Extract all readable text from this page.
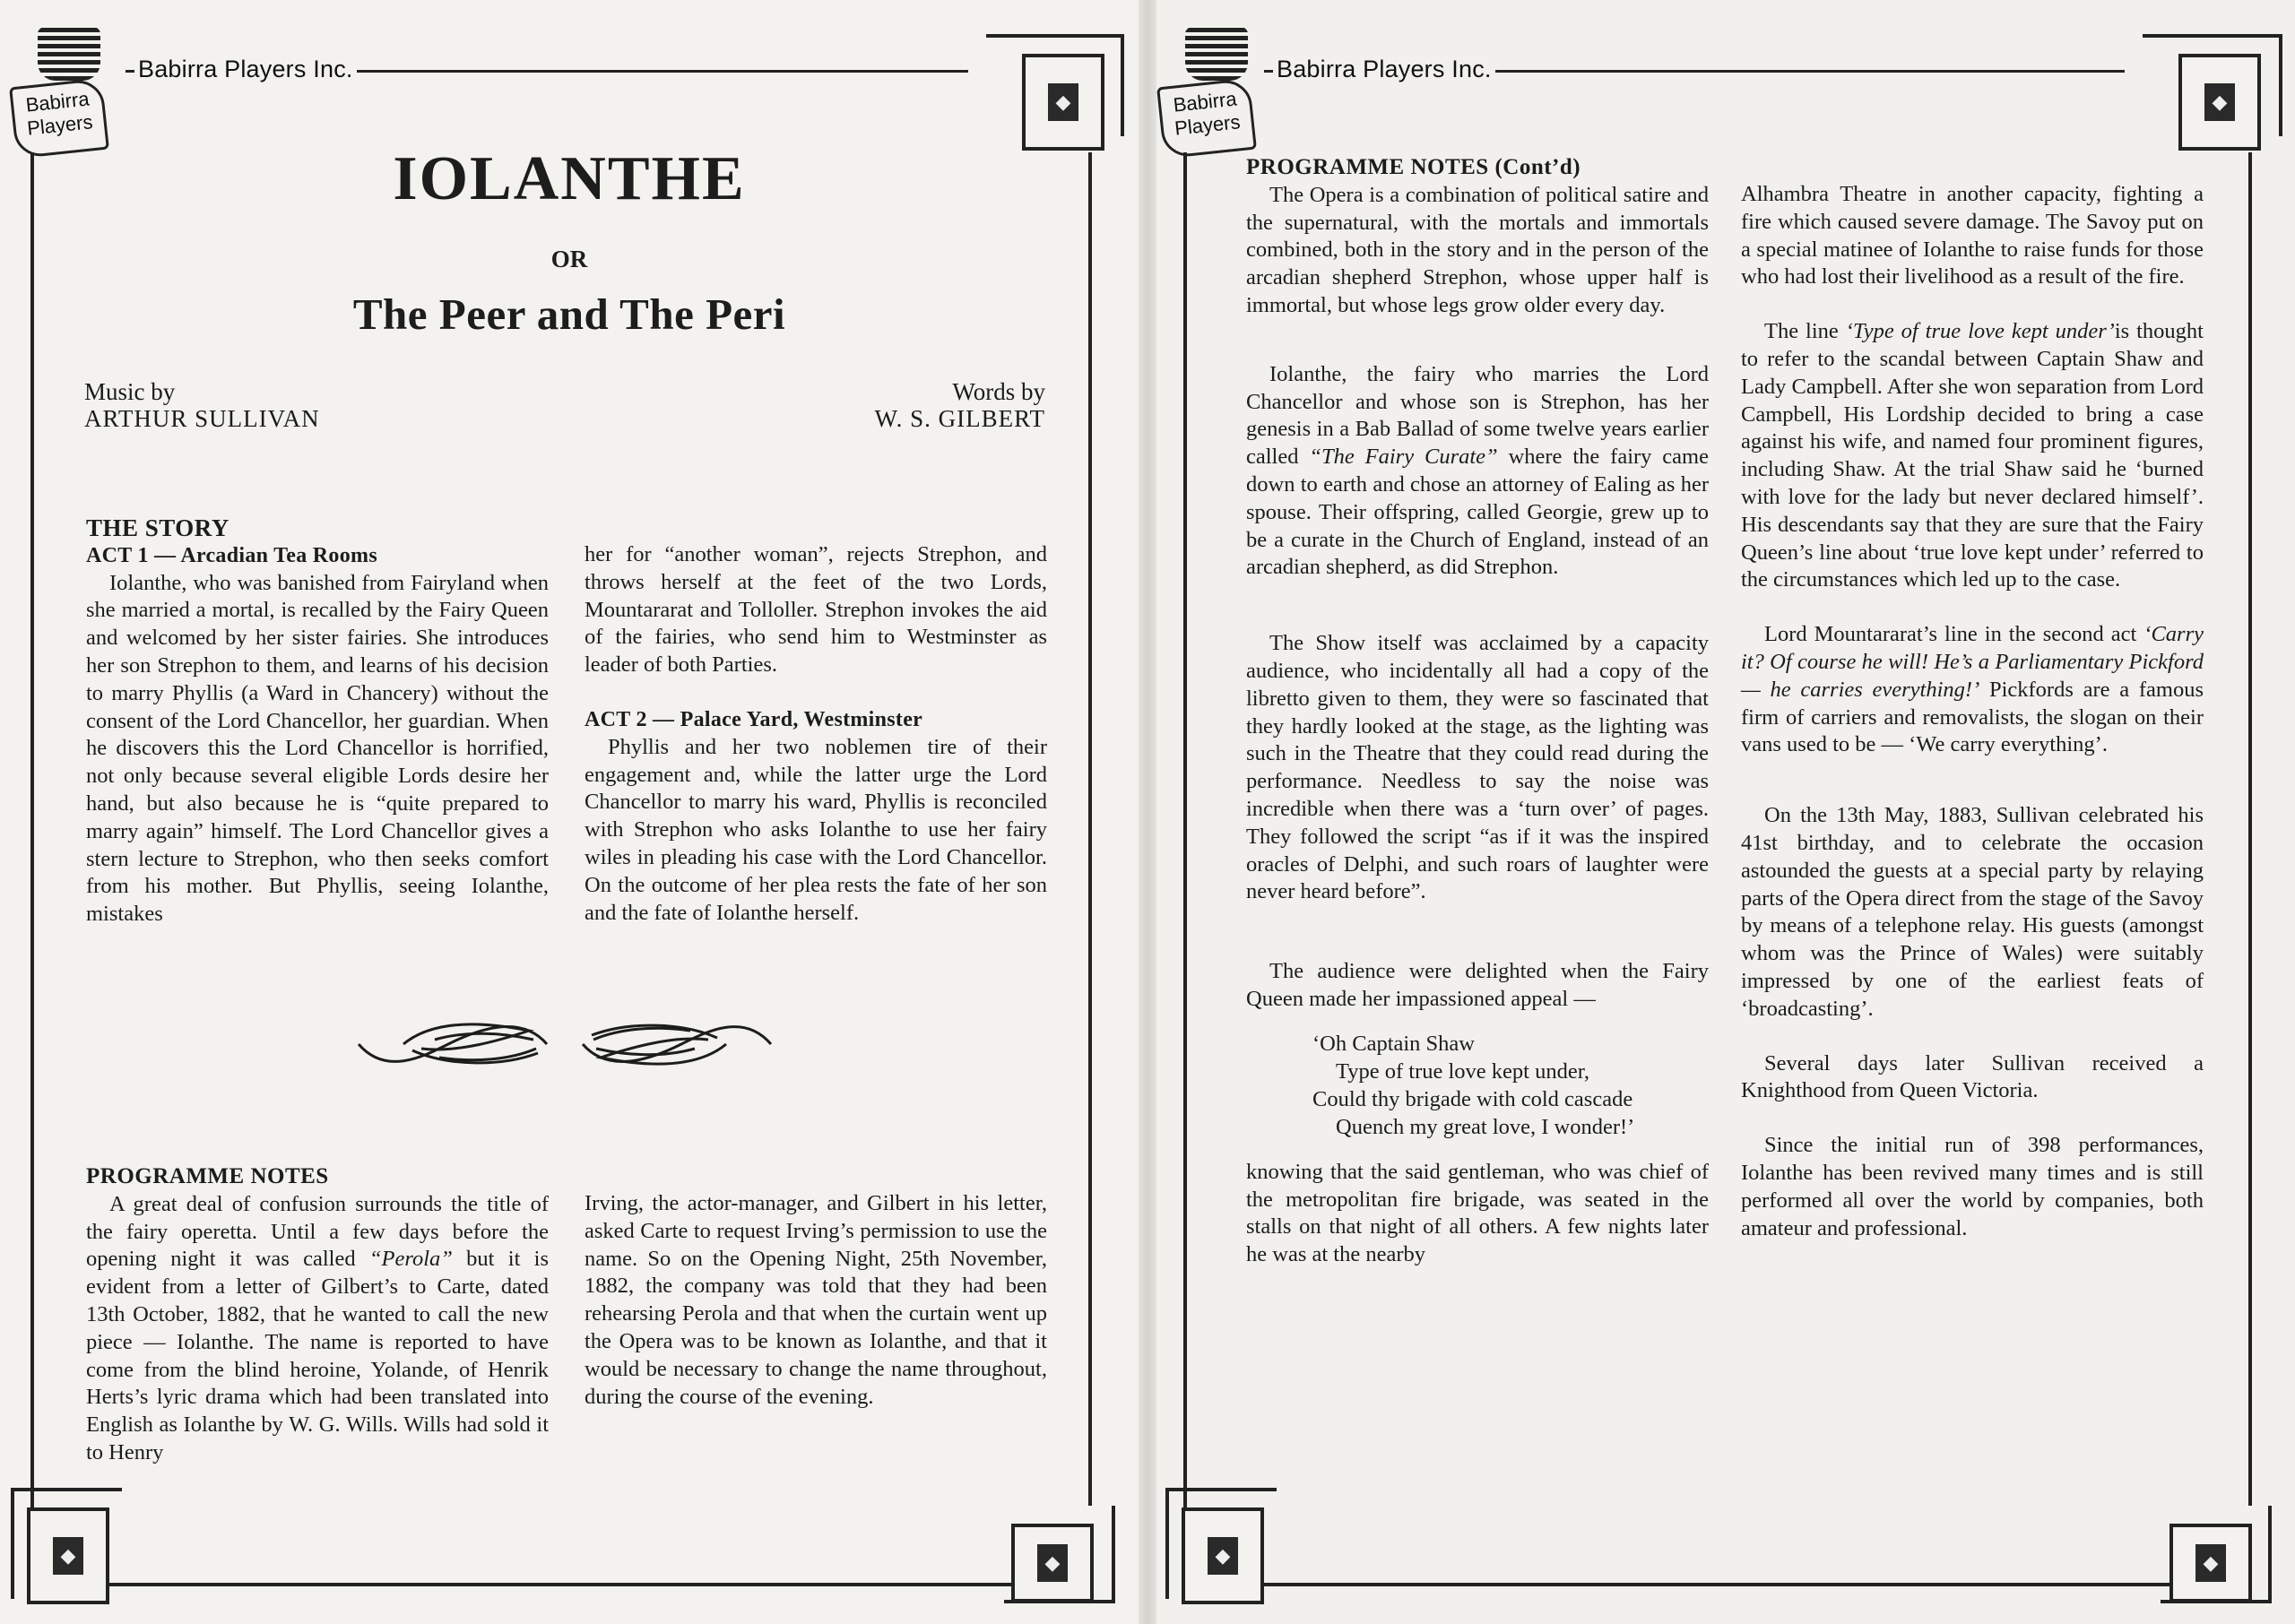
◆
◆	◆
Babirra
Players
Babirra Players Inc.
IOLANTHE
OR
The Peer and The Peri
Music by
ARTHUR SULLIVAN
Words by
W. S. GILBERT
THE STORY
ACT 1 — Arcadian Tea Rooms

Iolanthe, who was banished from Fairyland when she married a mortal, is recalled by the Fairy Queen and welcomed by her sister fairies. She introduces her son Strephon to them, and learns of his decision to marry Phyllis (a Ward in Chancery) without the consent of the Lord Chancellor, her guardian. When he discovers this the Lord Chancellor is horrified, not only because several eligible Lords desire her hand, but also because he is “quite prepared to marry again” himself. The Lord Chancellor gives a stern lecture to Strephon, who then seeks comfort from his mother. But Phyllis, seeing Iolanthe, mistakes

her for “another woman”, rejects Strephon, and throws herself at the feet of the two Lords, Mountararat and Tolloller. Strephon invokes the aid of the fairies, who send him to Westminster as leader of both Parties.

ACT 2 — Palace Yard, Westminster

Phyllis and her two noblemen tire of their engagement and, while the latter urge the Lord Chancellor to marry his ward, Phyllis is reconciled with Strephon who asks Iolanthe to use her fairy wiles in pleading his case with the Lord Chancellor. On the outcome of her plea rests the fate of her son and the fate of Iolanthe herself.

PROGRAMME NOTES

A great deal of confusion surrounds the title of the fairy operetta. Until a few days before the opening night it was called “Perola” but it is evident from a letter of Gilbert’s to Carte, dated 13th October, 1882, that he wanted to call the new piece — Iolanthe. The name is reported to have come from the blind heroine, Yolande, of Henrik Herts’s lyric drama which had been translated into English as Iolanthe by W. G. Wills. Wills had sold it to Henry

Irving, the actor-manager, and Gilbert in his letter, asked Carte to request Irving’s permission to use the name. So on the Opening Night, 25th November, 1882, the company was told that they had been rehearsing Perola and that when the curtain went up the Opera was to be known as Iolanthe, and that it would be necessary to change the name throughout, during the course of the evening.

◆
◆	◆
Babirra
Players
Babirra Players Inc.
PROGRAMME NOTES (Cont’d)

The Opera is a combination of political satire and the supernatural, with the mortals and immortals combined, both in the story and in the person of the arcadian shepherd Strephon, whose upper half is immortal, but whose legs grow older every day.

Iolanthe, the fairy who marries the Lord Chancellor and whose son is Strephon, has her genesis in a Bab Ballad of some twelve years earlier called “The Fairy Curate” where the fairy came down to earth and chose an attorney of Ealing as her spouse. Their offspring, called Georgie, grew up to be a curate in the Church of England, instead of an arcadian shepherd, as did Strephon.

The Show itself was acclaimed by a capacity audience, who incidentally all had a copy of the libretto given to them, they were so fascinated that they hardly looked at the stage, as the lighting was such in the Theatre that they could read during the performance. Needless to say the noise was incredible when there was a ‘turn over’ of pages. They followed the script “as if it was the inspired oracles of Delphi, and such roars of laughter were never heard before”.

The audience were delighted when the Fairy Queen made her impassioned appeal —

‘Oh Captain Shaw
Type of true love kept under,
Could thy brigade with cold cascade
Quench my great love, I wonder!’

knowing that the said gentleman, who was chief of the metropolitan fire brigade, was seated in the stalls on that night of all others. A few nights later he was at the nearby

Alhambra Theatre in another capacity, fighting a fire which caused severe damage. The Savoy put on a special matinee of Iolanthe to raise funds for those who had lost their livelihood as a result of the fire.

The line ‘Type of true love kept under’is thought to refer to the scandal between Captain Shaw and Lady Campbell. After she won separation from Lord Campbell, His Lordship decided to bring a case against his wife, and named four prominent figures, including Shaw. At the trial Shaw said he ‘burned with love for the lady but never declared himself’. His descendants say that they are sure that the Fairy Queen’s line about ‘true love kept under’ referred to the circumstances which led up to the case.

Lord Mountararat’s line in the second act ‘Carry it? Of course he will! He’s a Parliamentary Pickford — he carries everything!’ Pickfords are a famous firm of carriers and removalists, the slogan on their vans used to be — ‘We carry everything’.

On the 13th May, 1883, Sullivan celebrated his 41st birthday, and to celebrate the occasion astounded the guests at a special party by relaying parts of the Opera direct from the stage of the Savoy by means of a telephone relay. His guests (amongst whom was the Prince of Wales) were suitably impressed by one of the earliest feats of ‘broadcasting’.

Several days later Sullivan received a Knighthood from Queen Victoria.

Since the initial run of 398 performances, Iolanthe has been revived many times and is still performed all over the world by companies, both amateur and professional.
